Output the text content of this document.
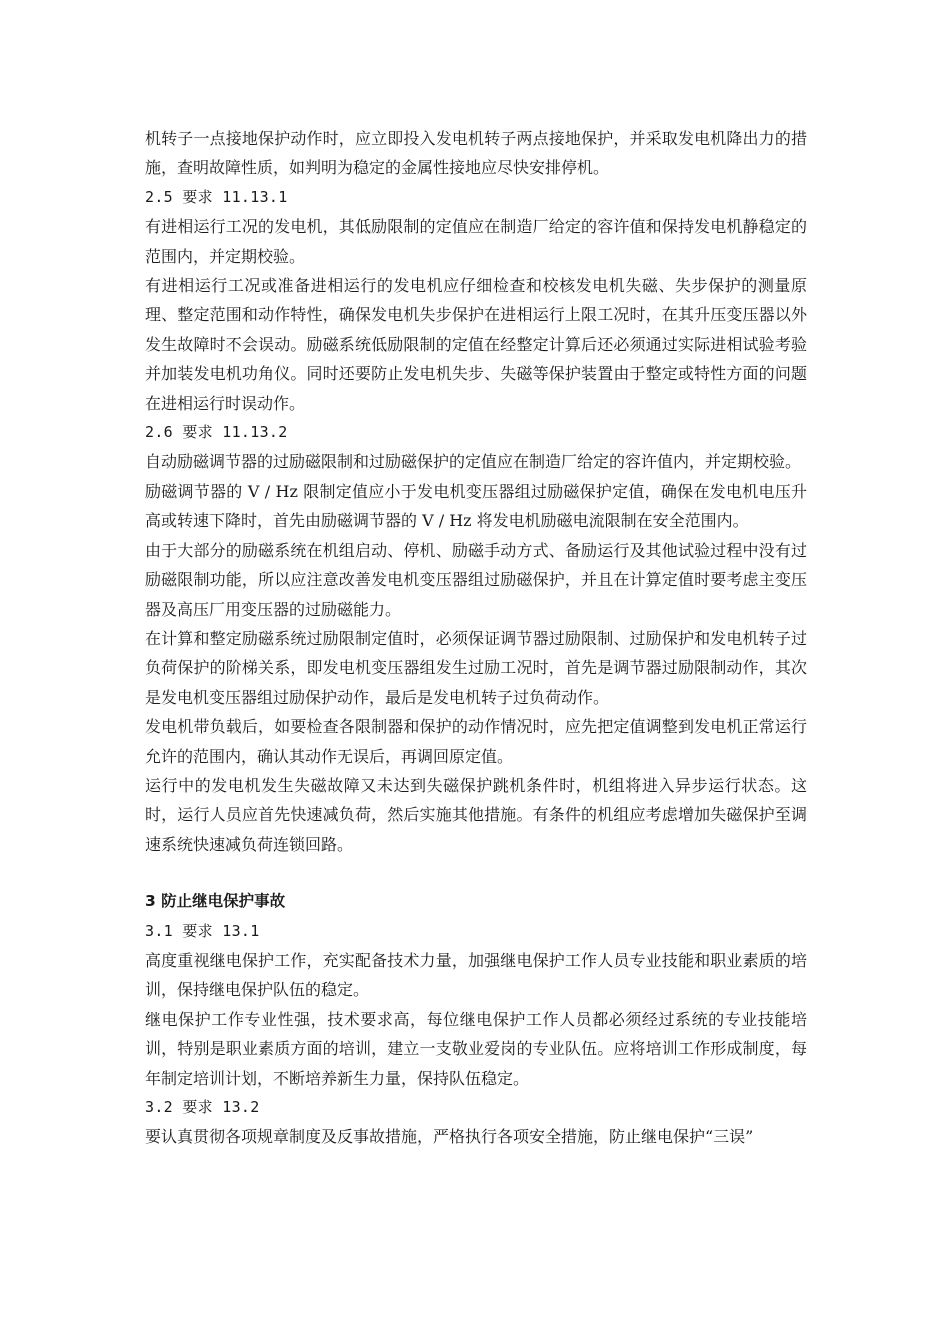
机转子一点接地保护动作时，应立即投入发电机转子两点接地保护，并采取发电机降出力的措施，查明故障性质，如判明为稳定的金属性接地应尽快安排停机。

2.5 要求 11.13.1

有进相运行工况的发电机，其低励限制的定值应在制造厂给定的容许值和保持发电机静稳定的范围内，并定期校验。

有进相运行工况或准备进相运行的发电机应仔细检查和校核发电机失磁、失步保护的测量原理、整定范围和动作特性，确保发电机失步保护在进相运行上限工况时，在其升压变压器以外发生故障时不会误动。励磁系统低励限制的定值在经整定计算后还必须通过实际进相试验考验并加装发电机功角仪。同时还要防止发电机失步、失磁等保护装置由于整定或特性方面的问题在进相运行时误动作。

2.6 要求 11.13.2

自动励磁调节器的过励磁限制和过励磁保护的定值应在制造厂给定的容许值内，并定期校验。

励磁调节器的 V / Hz 限制定值应小于发电机变压器组过励磁保护定值，确保在发电机电压升高或转速下降时，首先由励磁调节器的 V / Hz 将发电机励磁电流限制在安全范围内。

由于大部分的励磁系统在机组启动、停机、励磁手动方式、备励运行及其他试验过程中没有过励磁限制功能，所以应注意改善发电机变压器组过励磁保护，并且在计算定值时要考虑主变压器及高压厂用变压器的过励磁能力。

在计算和整定励磁系统过励限制定值时，必须保证调节器过励限制、过励保护和发电机转子过负荷保护的阶梯关系，即发电机变压器组发生过励工况时，首先是调节器过励限制动作，其次是发电机变压器组过励保护动作，最后是发电机转子过负荷动作。

发电机带负载后，如要检查各限制器和保护的动作情况时，应先把定值调整到发电机正常运行允许的范围内，确认其动作无误后，再调回原定值。

运行中的发电机发生失磁故障又未达到失磁保护跳机条件时，机组将进入异步运行状态。这时，运行人员应首先快速减负荷，然后实施其他措施。有条件的机组应考虑增加失磁保护至调速系统快速减负荷连锁回路。

3 防止继电保护事故

3.1 要求 13.1

高度重视继电保护工作，充实配备技术力量，加强继电保护工作人员专业技能和职业素质的培训，保持继电保护队伍的稳定。

继电保护工作专业性强，技术要求高，每位继电保护工作人员都必须经过系统的专业技能培训，特别是职业素质方面的培训，建立一支敬业爱岗的专业队伍。应将培训工作形成制度，每年制定培训计划，不断培养新生力量，保持队伍稳定。

3.2 要求 13.2

要认真贯彻各项规章制度及反事故措施，严格执行各项安全措施，防止继电保护“三误”
